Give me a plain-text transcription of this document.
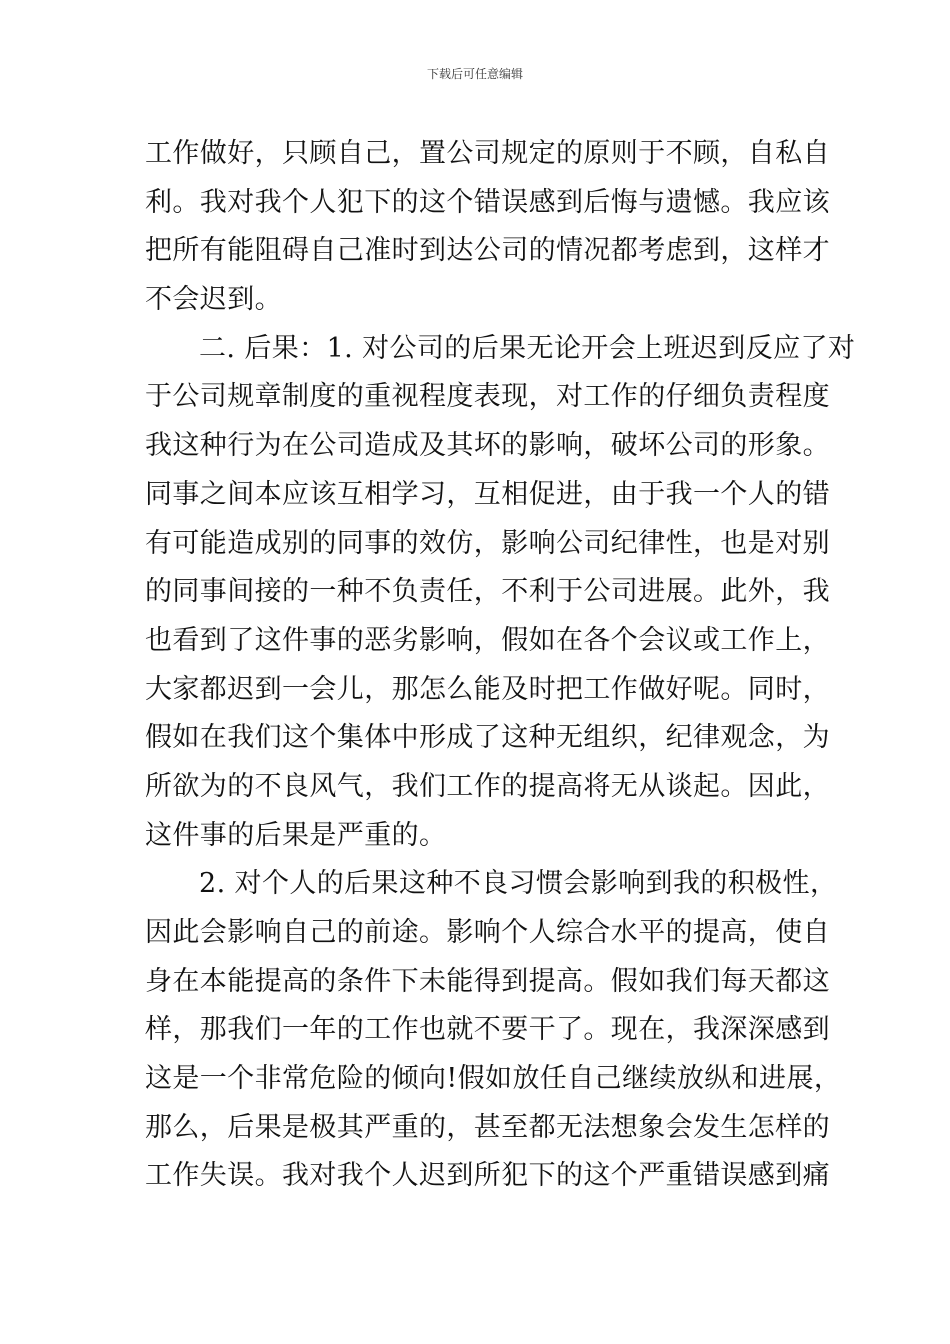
下载后可任意编辑
工作做好，只顾自己，置公司规定的原则于不顾，自私自
利。我对我个人犯下的这个错误感到后悔与遗憾。我应该
把所有能阻碍自己准时到达公司的情况都考虑到，这样才
不会迟到。
二. 后果：1. 对公司的后果无论开会上班迟到反应了对
于公司规章制度的重视程度表现，对工作的仔细负责程度
我这种行为在公司造成及其坏的影响，破坏公司的形象。
同事之间本应该互相学习，互相促进，由于我一个人的错
有可能造成别的同事的效仿，影响公司纪律性，也是对别
的同事间接的一种不负责任，不利于公司进展。此外，我
也看到了这件事的恶劣影响，假如在各个会议或工作上，
大家都迟到一会儿，那怎么能及时把工作做好呢。同时，
假如在我们这个集体中形成了这种无组织，纪律观念，为
所欲为的不良风气，我们工作的提高将无从谈起。因此，
这件事的后果是严重的。
2. 对个人的后果这种不良习惯会影响到我的积极性，
因此会影响自己的前途。影响个人综合水平的提高，使自
身在本能提高的条件下未能得到提高。假如我们每天都这
样，那我们一年的工作也就不要干了。现在，我深深感到
这是一个非常危险的倾向!假如放任自己继续放纵和进展，
那么，后果是极其严重的，甚至都无法想象会发生怎样的
工作失误。我对我个人迟到所犯下的这个严重错误感到痛
